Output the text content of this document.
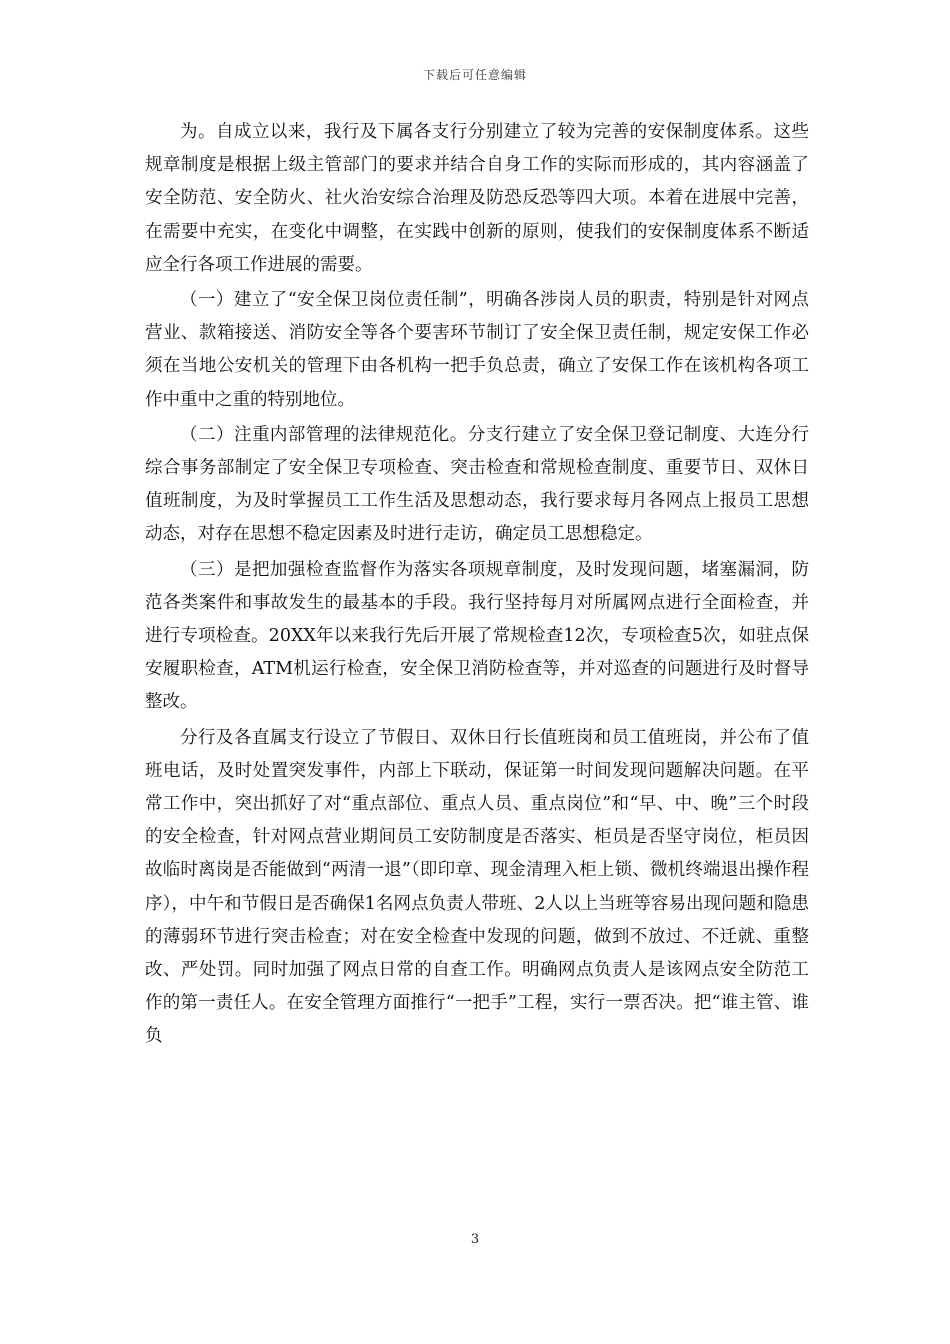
下载后可任意编辑

为。自成立以来，我行及下属各支行分别建立了较为完善的安保制度体系。这些规章制度是根据上级主管部门的要求并结合自身工作的实际而形成的，其内容涵盖了安全防范、安全防火、社火治安综合治理及防恐反恐等四大项。本着在进展中完善，在需要中充实，在变化中调整，在实践中创新的原则，使我们的安保制度体系不断适应全行各项工作进展的需要。

（一）建立了“安全保卫岗位责任制”，明确各涉岗人员的职责，特别是针对网点营业、款箱接送、消防安全等各个要害环节制订了安全保卫责任制，规定安保工作必须在当地公安机关的管理下由各机构一把手负总责，确立了安保工作在该机构各项工作中重中之重的特别地位。

（二）注重内部管理的法律规范化。分支行建立了安全保卫登记制度、大连分行综合事务部制定了安全保卫专项检查、突击检查和常规检查制度、重要节日、双休日值班制度，为及时掌握员工工作生活及思想动态，我行要求每月各网点上报员工思想动态，对存在思想不稳定因素及时进行走访，确定员工思想稳定。

（三）是把加强检查监督作为落实各项规章制度，及时发现问题，堵塞漏洞，防范各类案件和事故发生的最基本的手段。我行坚持每月对所属网点进行全面检查，并进行专项检查。20XX年以来我行先后开展了常规检查12次，专项检查5次，如驻点保安履职检查，ATM机运行检查，安全保卫消防检查等，并对巡查的问题进行及时督导整改。

分行及各直属支行设立了节假日、双休日行长值班岗和员工值班岗，并公布了值班电话，及时处置突发事件，内部上下联动，保证第一时间发现问题解决问题。在平常工作中，突出抓好了对“重点部位、重点人员、重点岗位”和“早、中、晚”三个时段的安全检查，针对网点营业期间员工安防制度是否落实、柜员是否坚守岗位，柜员因故临时离岗是否能做到“两清一退”（即印章、现金清理入柜上锁、微机终端退出操作程序），中午和节假日是否确保1名网点负责人带班、2人以上当班等容易出现问题和隐患的薄弱环节进行突击检查；对在安全检查中发现的问题，做到不放过、不迁就、重整改、严处罚。同时加强了网点日常的自查工作。明确网点负责人是该网点安全防范工作的第一责任人。在安全管理方面推行“一把手”工程，实行一票否决。把“谁主管、谁负

3
